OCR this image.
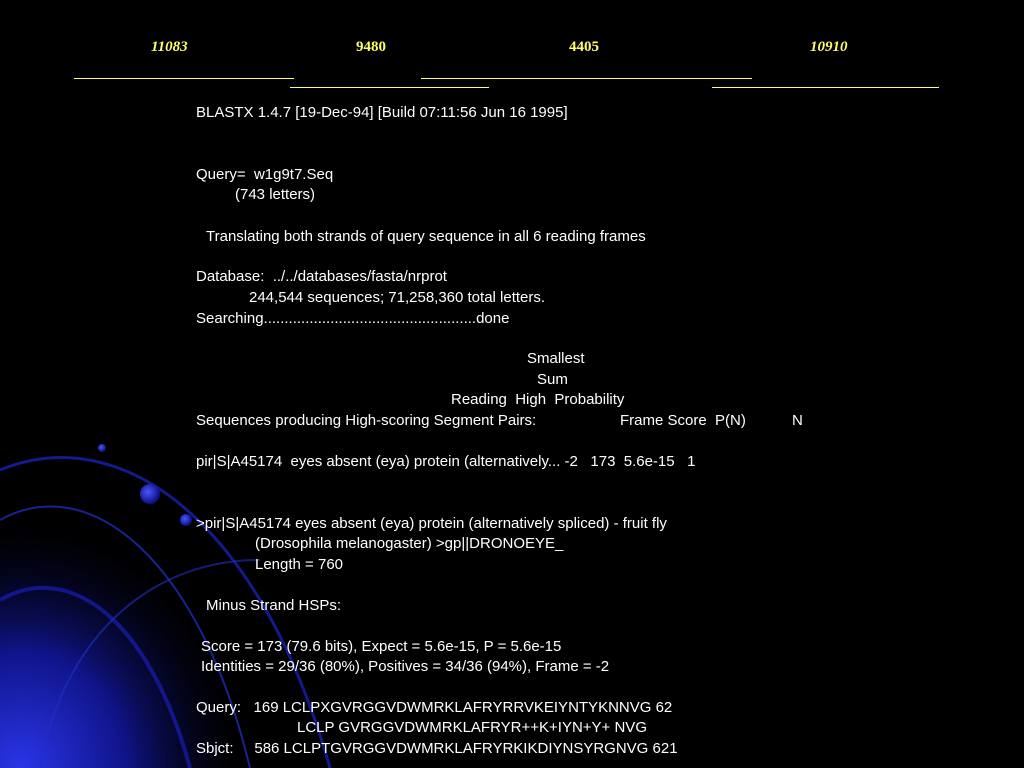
11083	9480	4405	10910
BLASTX 1.4.7 [19-Dec-94] [Build 07:11:56 Jun 16 1995]
Query=  w1g9t7.Seq
(743 letters)
Translating both strands of query sequence in all 6 reading frames
Database:  ../../databases/fasta/nrprot
244,544 sequences; 71,258,360 total letters.
Searching...................................................done
Smallest
Sum
Reading  High  Probability
Sequences producing High-scoring Segment Pairs:	Frame Score  P(N)	N
pir|S|A45174  eyes absent (eya) protein (alternatively... -2   173  5.6e-15   1
>pir|S|A45174 eyes absent (eya) protein (alternatively spliced) - fruit fly
(Drosophila melanogaster) >gp||DRONOEYE_
Length = 760
Minus Strand HSPs:
Score = 173 (79.6 bits), Expect = 5.6e-15, P = 5.6e-15
Identities = 29/36 (80%), Positives = 34/36 (94%), Frame = -2
Query:   169 LCLPXGVRGGVDWMRKLAFRYRRVKEIYNTYKNNVG 62
LCLP GVRGGVDWMRKLAFRYR++K+IYN+Y+ NVG
Sbjct:     586 LCLPTGVRGGVDWMRKLAFRYRKIKDIYNSYRGNVG 621
